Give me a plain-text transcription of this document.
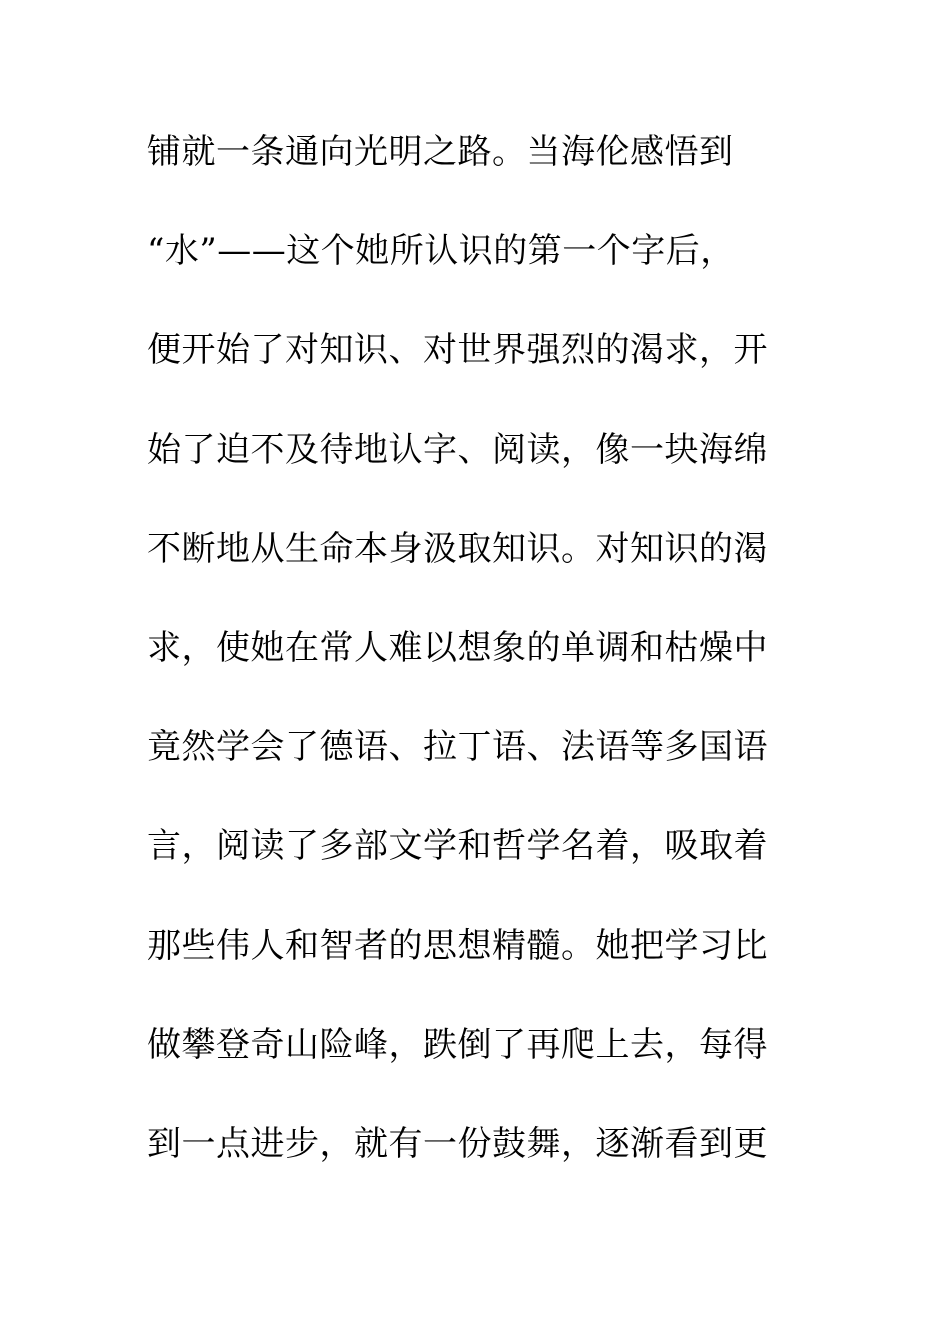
铺就一条通向光明之路。当海伦感悟到
“水”——这个她所认识的第一个字后，
便开始了对知识、对世界强烈的渴求，开
始了迫不及待地认字、阅读，像一块海绵
不断地从生命本身汲取知识。对知识的渴
求，使她在常人难以想象的单调和枯燥中
竟然学会了德语、拉丁语、法语等多国语
言，阅读了多部文学和哲学名着，吸取着
那些伟人和智者的思想精髓。她把学习比
做攀登奇山险峰，跌倒了再爬上去，每得
到一点进步，就有一份鼓舞，逐渐看到更
